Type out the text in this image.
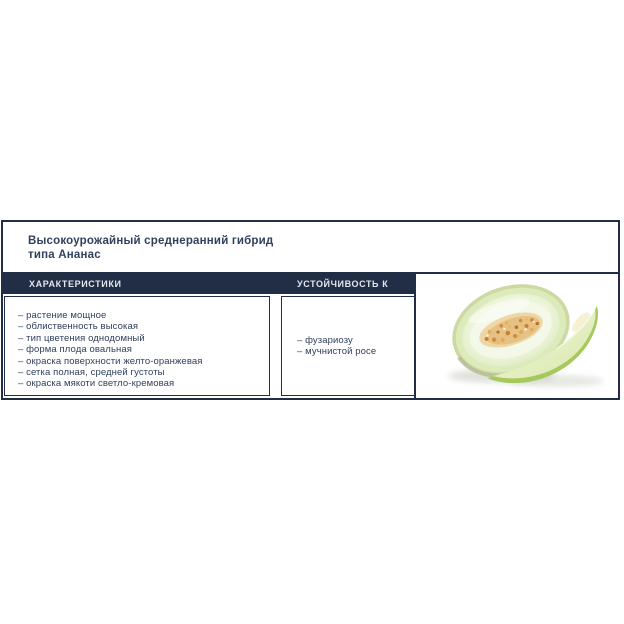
Высокоурожайный среднеранний гибрид
типа Ананас
ХАРАКТЕРИСТИКИ	УСТОЙЧИВОСТЬ К
– растение мощное
– облиственность высокая
– тип цветения однодомный
– форма плода овальная
– окраска поверхности желто-оранжевая
– сетка полная, средней густоты
– окраска мякоти светло-кремовая
– фузариозу
– мучнистой росе
